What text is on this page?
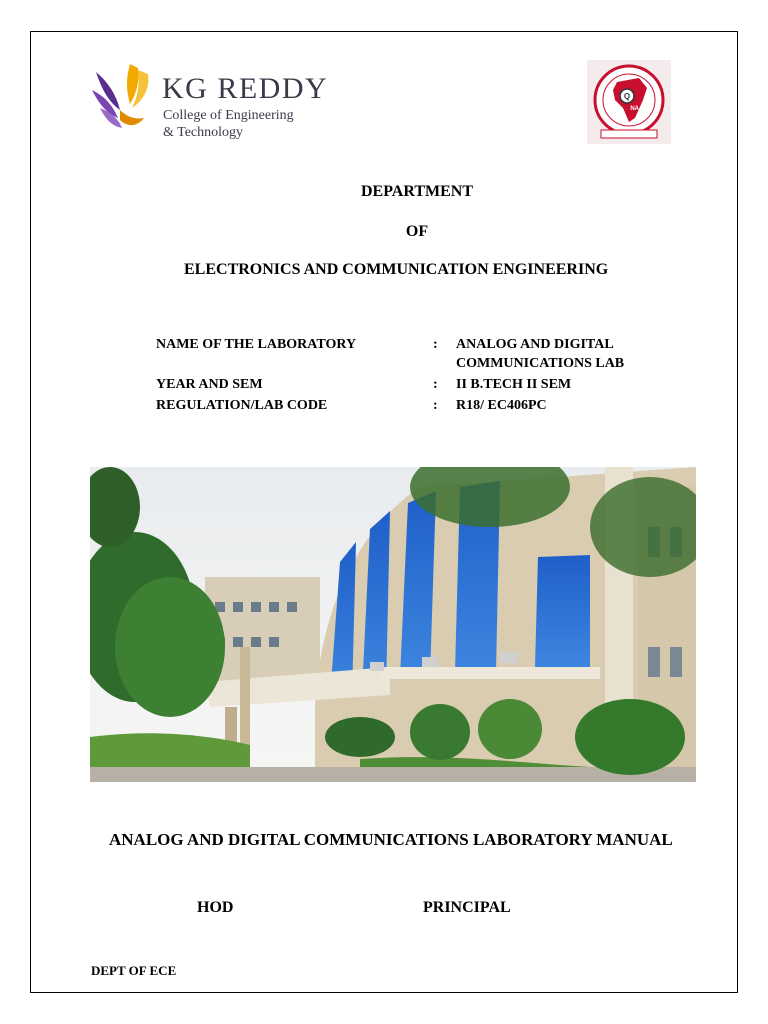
KG REDDY
College of Engineering
& Technology
Q
NAAC
DEPARTMENT
OF
ELECTRONICS AND COMMUNICATION ENGINEERING
NAME OF THE LABORATORY	: ANALOG AND DIGITAL
COMMUNICATIONS LAB
YEAR AND SEM	: II B.TECH II SEM
REGULATION/LAB CODE	: R18/ EC406PC
ANALOG AND DIGITAL COMMUNICATIONS LABORATORY MANUAL
HOD	PRINCIPAL
DEPT OF ECE
